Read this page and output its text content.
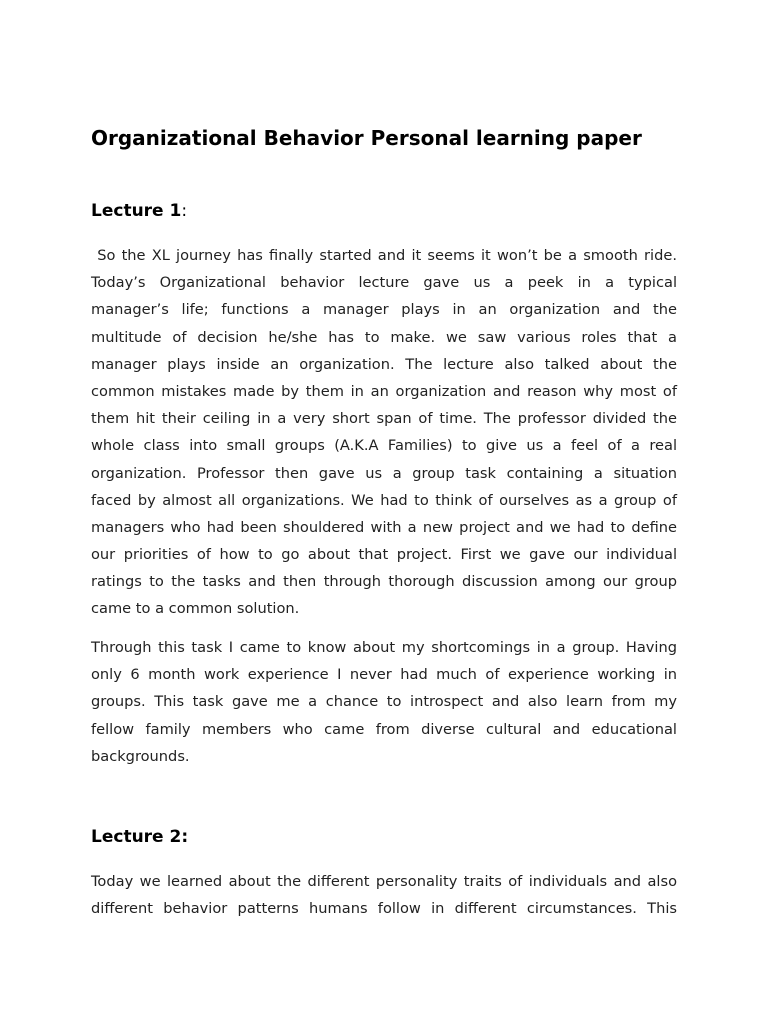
Organizational Behavior Personal learning paper
Lecture 1:
So the XL journey has finally started and it seems it won’t be a smooth ride.
Today’s Organizational behavior lecture gave us a peek in a typical
manager’s life; functions a manager plays in an organization and the
multitude of decision he/she has to make. we saw various roles that a
manager plays inside an organization. The lecture also talked about the
common mistakes made by them in an organization and reason why most of
them hit their ceiling in a very short span of time. The professor divided the
whole class into small groups (A.K.A Families) to give us a feel of a real
organization. Professor then gave us a group task containing a situation
faced by almost all organizations. We had to think of ourselves as a group of
managers who had been shouldered with a new project and we had to define
our priorities of how to go about that project. First we gave our individual
ratings to the tasks and then through thorough discussion among our group
came to a common solution.
Through this task I came to know about my shortcomings in a group. Having
only 6 month work experience I never had much of experience working in
groups. This task gave me a chance to introspect and also learn from my
fellow family members who came from diverse cultural and educational
backgrounds.
Lecture 2:
Today we learned about the different personality traits of individuals and also
different behavior patterns humans follow in different circumstances. This
